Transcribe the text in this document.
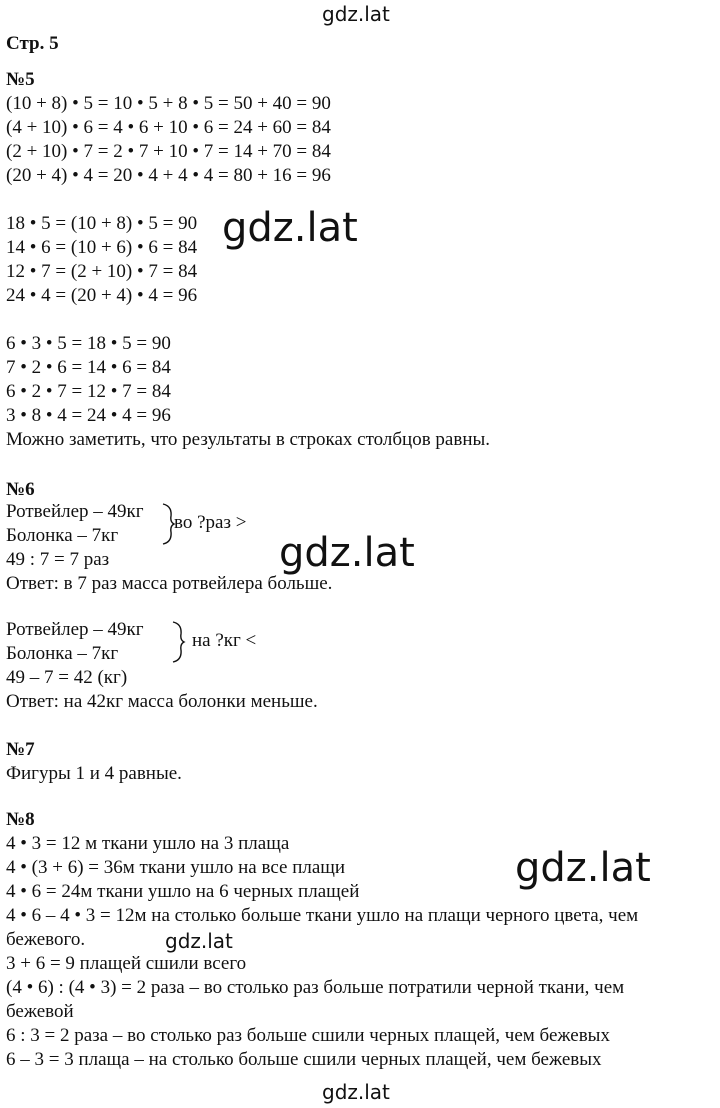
gdz.lat
gdz.lat
gdz.lat
gdz.lat
gdz.lat
gdz.lat

Стр. 5

№5

(10 + 8) • 5 = 10 • 5 + 8 • 5 = 50 + 40 = 90

(4 + 10) • 6 = 4 • 6 + 10 • 6 = 24 + 60 = 84

(2 + 10) • 7 = 2 • 7 + 10 • 7 = 14 + 70 = 84

(20 + 4) • 4 = 20 • 4 + 4 • 4 = 80 + 16 = 96

18 • 5 = (10 + 8) • 5 = 90

14 • 6 = (10 + 6) • 6 = 84

12 • 7 = (2 + 10) • 7 = 84

24 • 4 = (20 + 4) • 4 = 96

6 • 3 • 5 = 18 • 5 = 90

7 • 2 • 6 = 14 • 6 = 84

6 • 2 • 7 = 12 • 7 = 84

3 • 8 • 4 = 24 • 4 = 96

Можно заметить, что результаты в строках столбцов равны.

№6

Ротвейлер – 49кг

Болонка – 7кг

во ?раз >

49 : 7 = 7 раз

Ответ: в 7 раз масса ротвейлера больше.

Ротвейлер – 49кг

Болонка – 7кг

на ?кг <

49 – 7 = 42 (кг)

Ответ: на 42кг масса болонки меньше.

№7

Фигуры 1 и 4 равные.

№8

4 • 3 = 12 м ткани ушло на 3 плаща

4 • (3 + 6) = 36м ткани ушло на все плащи

4 • 6 = 24м ткани ушло на 6 черных плащей

4 • 6 – 4 • 3 = 12м на столько больше ткани ушло на плащи черного цвета, чем

бежевого.

3 + 6 = 9 плащей сшили всего

(4 • 6) : (4 • 3) = 2 раза – во столько раз больше потратили черной ткани, чем

бежевой

6 : 3 = 2 раза – во столько раз больше сшили черных плащей, чем бежевых

6 – 3 = 3 плаща – на столько больше сшили черных плащей, чем бежевых
